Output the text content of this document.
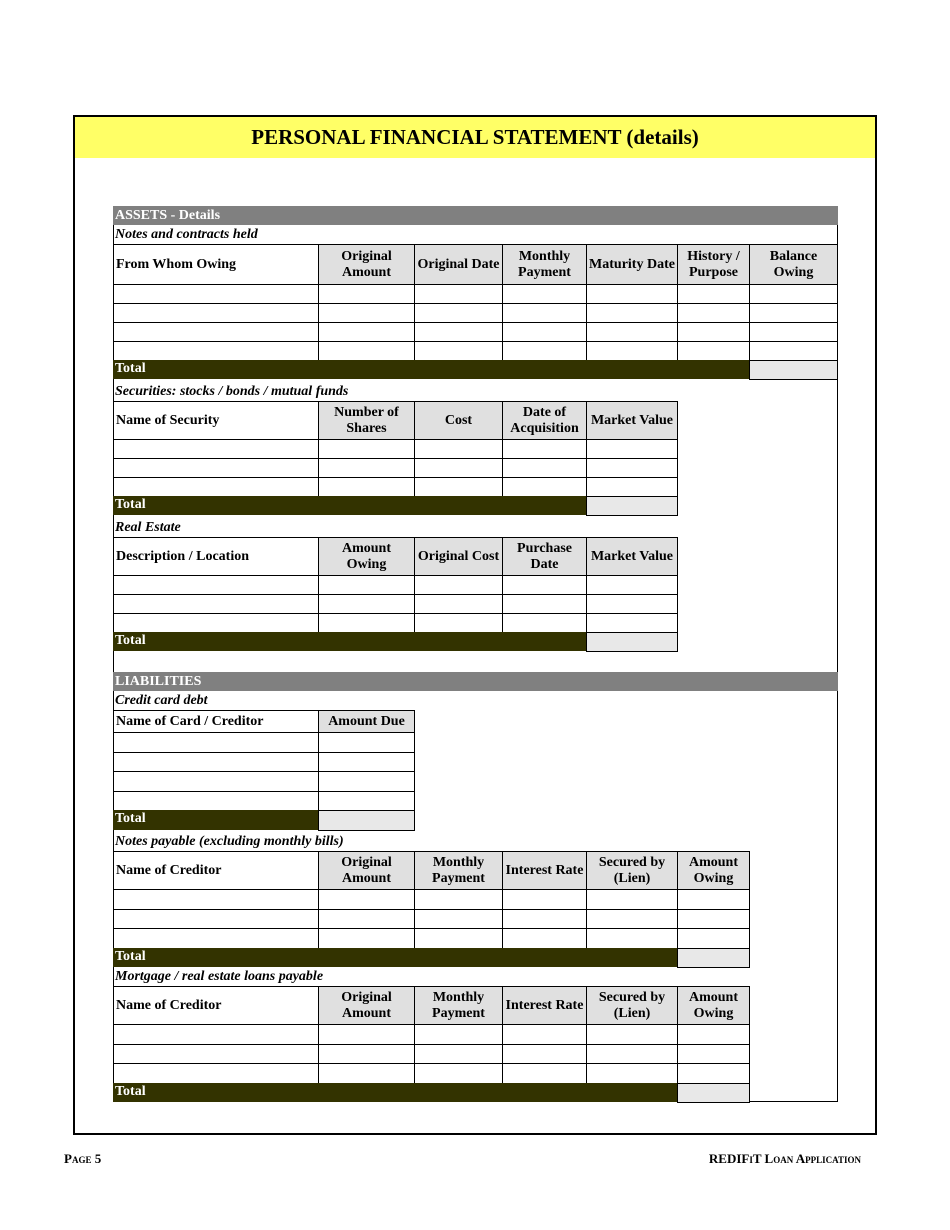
PERSONAL FINANCIAL STATEMENT (details)
ASSETS - Details
Notes and contracts held
From Whom Owing
Original Amount
Original Date
Monthly Payment
Maturity Date
History / Purpose
Balance Owing
Total
Securities: stocks / bonds / mutual funds
Name of Security
Number of Shares
Cost
Date of Acquisition
Market Value
Total
Real Estate
Description / Location
Amount Owing
Original Cost
Purchase Date
Market Value
Total
LIABILITIES
Credit card debt
Name of Card / Creditor	Amount Due
Total
Notes payable (excluding monthly bills)
Name of Creditor
Original Amount
Monthly Payment
Interest Rate
Secured by (Lien)
Amount Owing
Total
Mortgage / real estate loans payable
Name of Creditor
Original Amount
Monthly Payment
Interest Rate
Secured by (Lien)
Amount Owing
Total
Page 5	REDIFiT Loan Application
